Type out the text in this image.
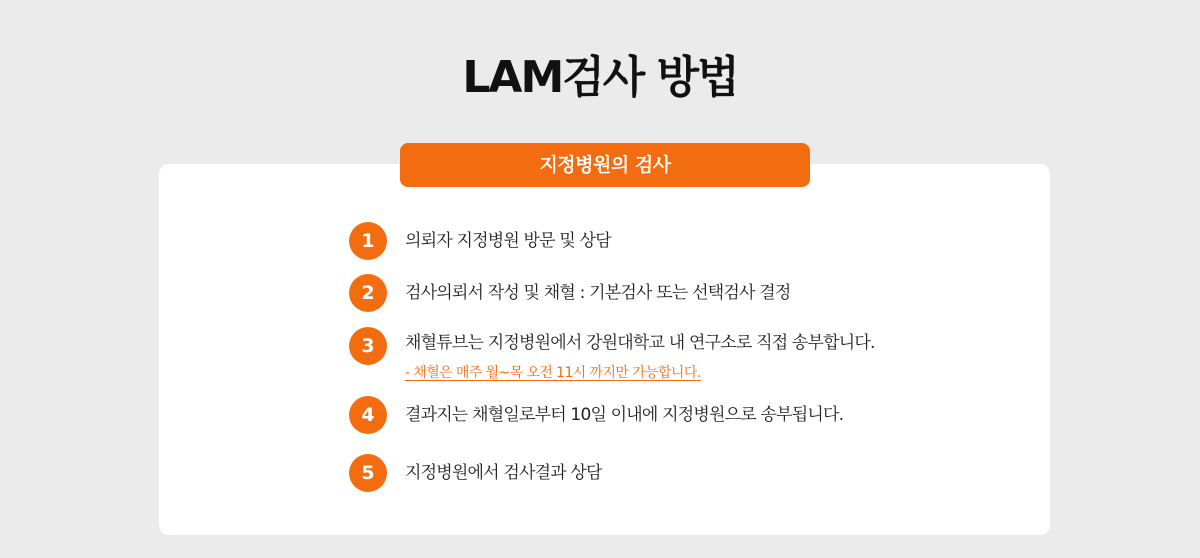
LAM검사 방법
지정병원의 검사
1	의뢰자 지정병원 방문 및 상담
2	검사의뢰서 작성 및 채혈 : 기본검사 또는 선택검사 결정
3	채혈튜브는 지정병원에서 강원대학교 내 연구소로 직접 송부합니다.
- 채혈은 매주 월~목 오전 11시 까지만 가능합니다.
4	결과지는 채혈일로부터 10일 이내에 지정병원으로 송부됩니다.
5	지정병원에서 검사결과 상담
